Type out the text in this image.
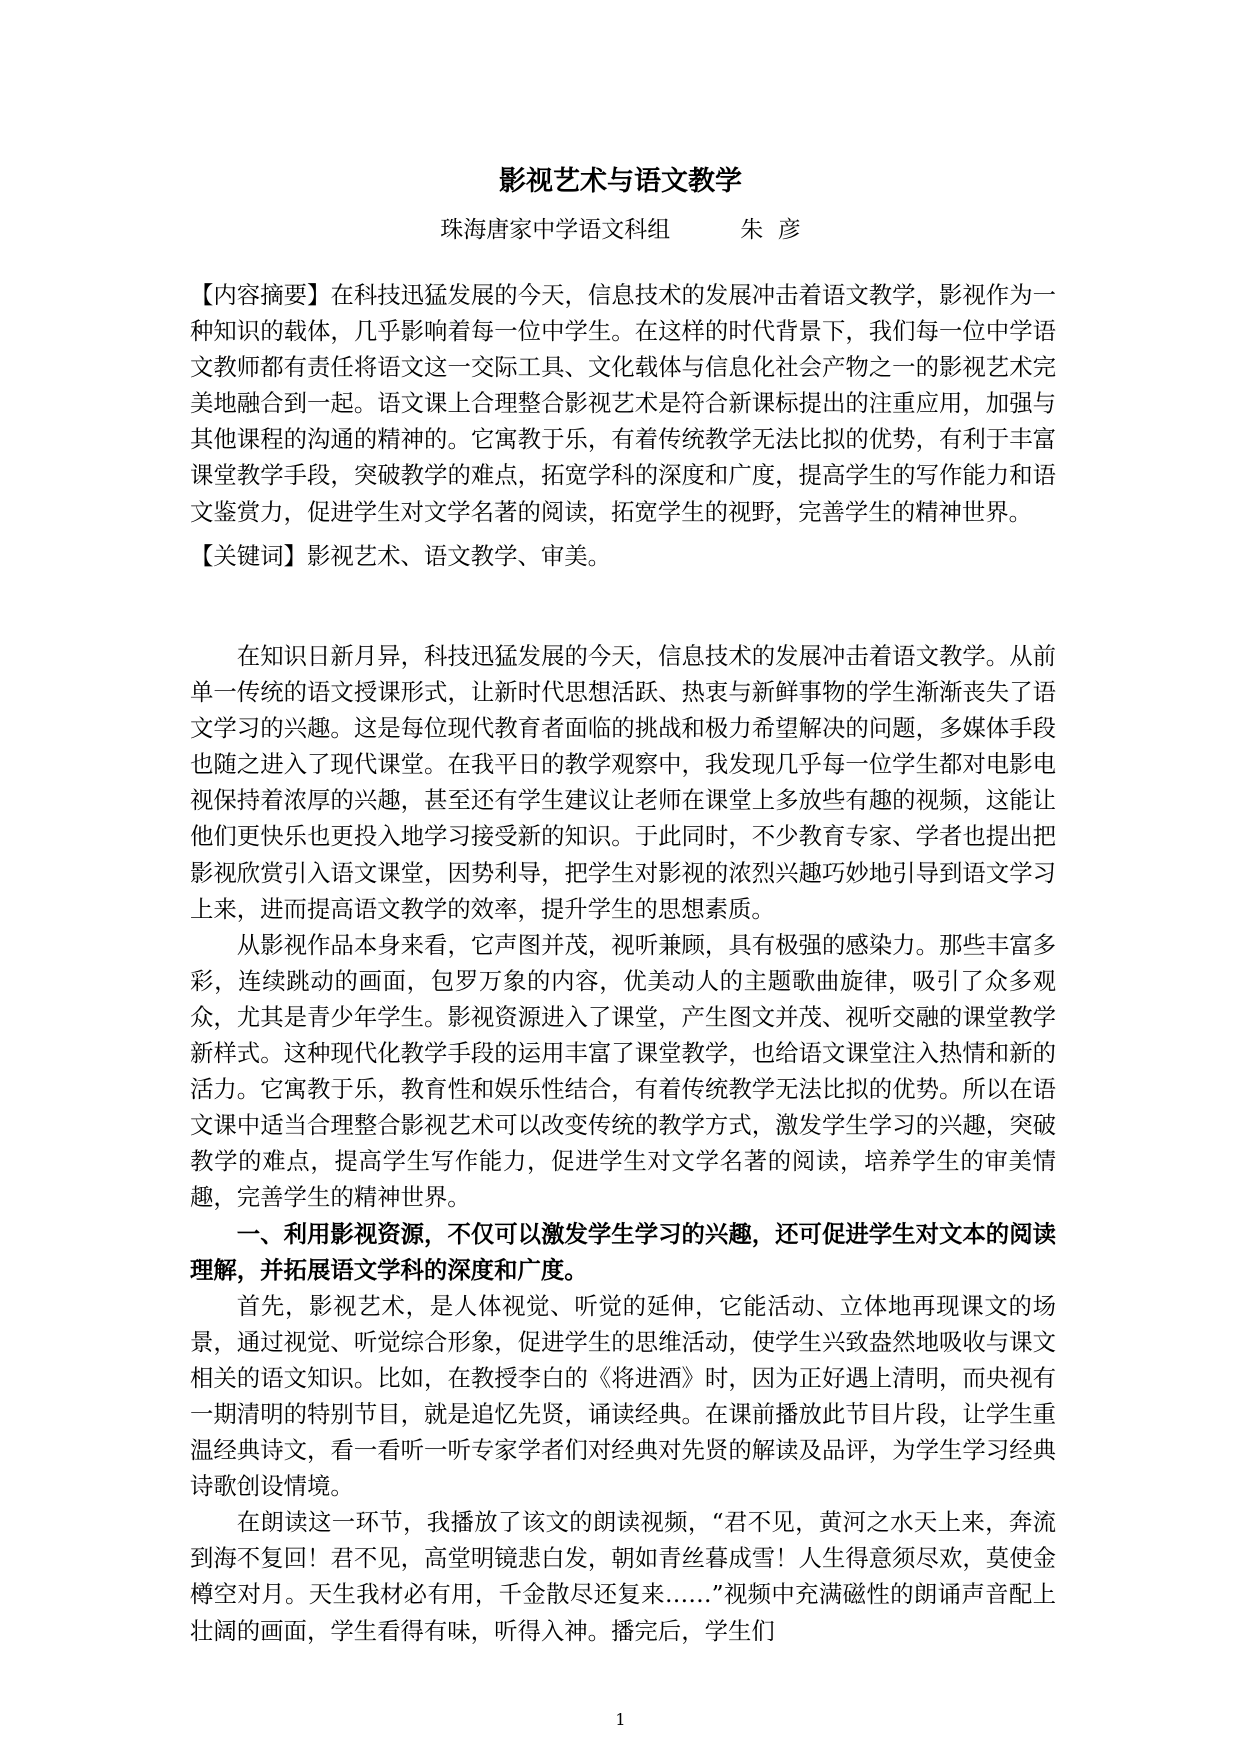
影视艺术与语文教学
珠海唐家中学语文科组	朱  彦

【内容摘要】在科技迅猛发展的今天，信息技术的发展冲击着语文教学，影视作为一种知识的载体，几乎影响着每一位中学生。在这样的时代背景下，我们每一位中学语文教师都有责任将语文这一交际工具、文化载体与信息化社会产物之一的影视艺术完美地融合到一起。语文课上合理整合影视艺术是符合新课标提出的注重应用，加强与其他课程的沟通的精神的。它寓教于乐，有着传统教学无法比拟的优势，有利于丰富课堂教学手段，突破教学的难点，拓宽学科的深度和广度，提高学生的写作能力和语文鉴赏力，促进学生对文学名著的阅读，拓宽学生的视野，完善学生的精神世界。

【关键词】影视艺术、语文教学、审美。

在知识日新月异，科技迅猛发展的今天，信息技术的发展冲击着语文教学。从前单一传统的语文授课形式，让新时代思想活跃、热衷与新鲜事物的学生渐渐丧失了语文学习的兴趣。这是每位现代教育者面临的挑战和极力希望解决的问题，多媒体手段也随之进入了现代课堂。在我平日的教学观察中，我发现几乎每一位学生都对电影电视保持着浓厚的兴趣，甚至还有学生建议让老师在课堂上多放些有趣的视频，这能让他们更快乐也更投入地学习接受新的知识。于此同时，不少教育专家、学者也提出把影视欣赏引入语文课堂，因势利导，把学生对影视的浓烈兴趣巧妙地引导到语文学习上来，进而提高语文教学的效率，提升学生的思想素质。

从影视作品本身来看，它声图并茂，视听兼顾，具有极强的感染力。那些丰富多彩，连续跳动的画面，包罗万象的内容，优美动人的主题歌曲旋律，吸引了众多观众，尤其是青少年学生。影视资源进入了课堂，产生图文并茂、视听交融的课堂教学新样式。这种现代化教学手段的运用丰富了课堂教学，也给语文课堂注入热情和新的活力。它寓教于乐，教育性和娱乐性结合，有着传统教学无法比拟的优势。所以在语文课中适当合理整合影视艺术可以改变传统的教学方式，激发学生学习的兴趣，突破教学的难点，提高学生写作能力，促进学生对文学名著的阅读，培养学生的审美情趣，完善学生的精神世界。

一、利用影视资源，不仅可以激发学生学习的兴趣，还可促进学生对文本的阅读理解，并拓展语文学科的深度和广度。

首先，影视艺术，是人体视觉、听觉的延伸，它能活动、立体地再现课文的场景，通过视觉、听觉综合形象，促进学生的思维活动，使学生兴致盎然地吸收与课文相关的语文知识。比如，在教授李白的《将进酒》时，因为正好遇上清明，而央视有一期清明的特别节目，就是追忆先贤，诵读经典。在课前播放此节目片段，让学生重温经典诗文，看一看听一听专家学者们对经典对先贤的解读及品评，为学生学习经典诗歌创设情境。

在朗读这一环节，我播放了该文的朗读视频，“君不见，黄河之水天上来，奔流到海不复回！君不见，高堂明镜悲白发，朝如青丝暮成雪！人生得意须尽欢，莫使金樽空对月。天生我材必有用，千金散尽还复来……”视频中充满磁性的朗诵声音配上壮阔的画面，学生看得有味，听得入神。播完后，学生们

1
